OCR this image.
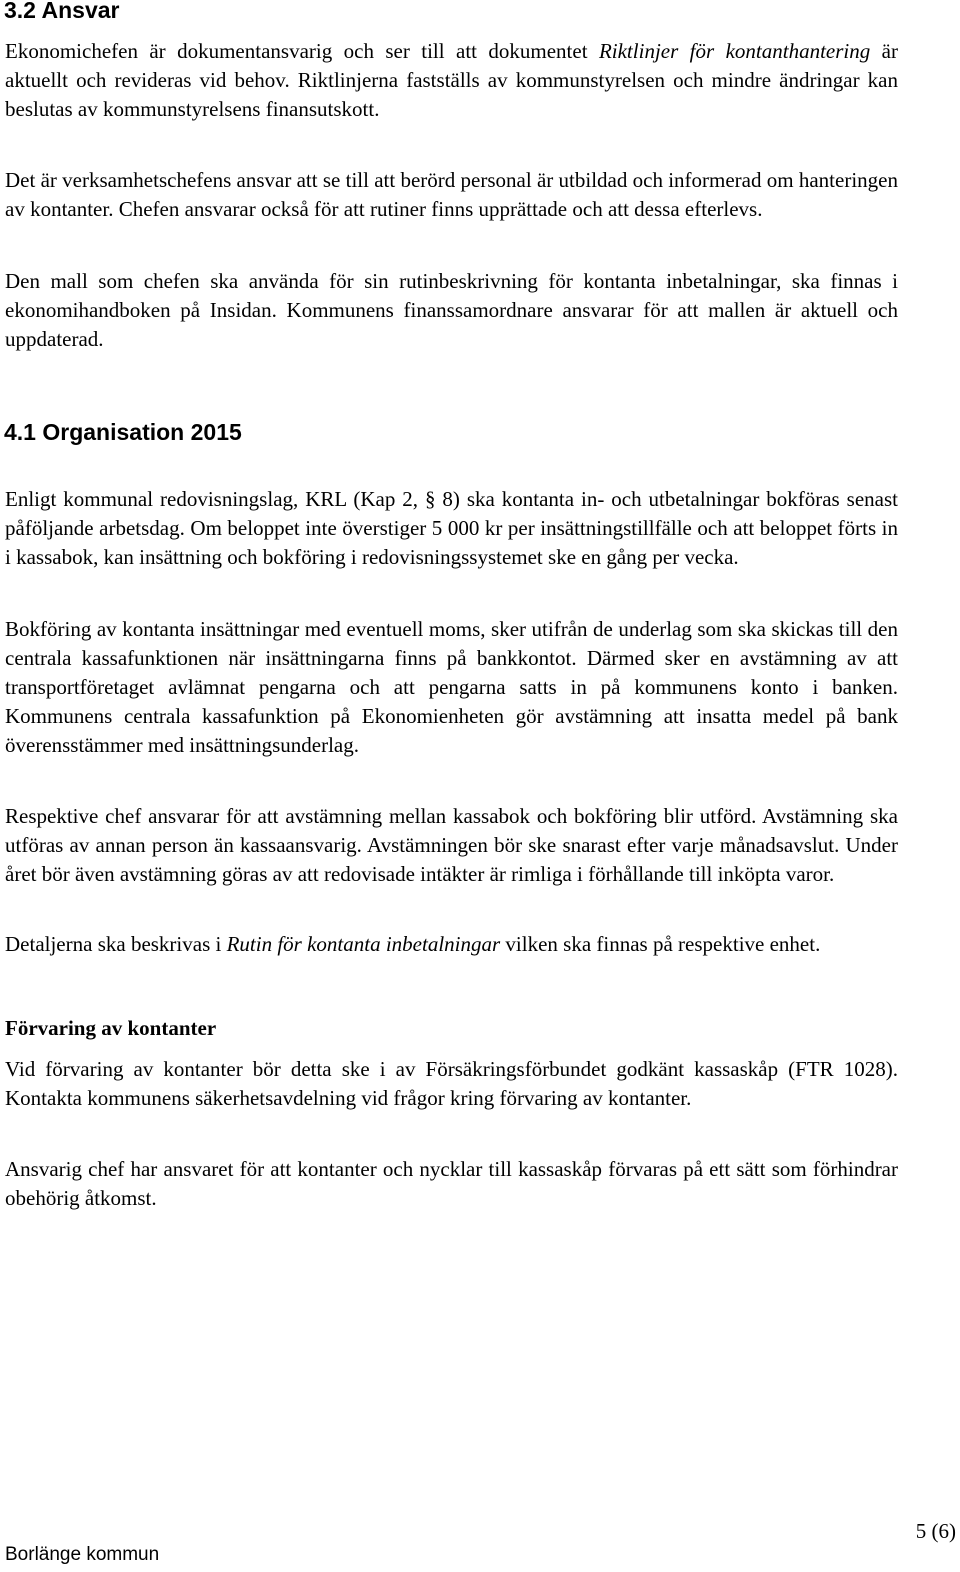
3.2 Ansvar

Ekonomichefen är dokumentansvarig och ser till att dokumentet Riktlinjer för kontanthantering är aktuellt och revideras vid behov. Riktlinjerna fastställs av kommunstyrelsen och mindre ändringar kan beslutas av kommunstyrelsens finansutskott.

Det är verksamhetschefens ansvar att se till att berörd personal är utbildad och informerad om hanteringen av kontanter. Chefen ansvarar också för att rutiner finns upprättade och att dessa efterlevs.

Den mall som chefen ska använda för sin rutinbeskrivning för kontanta inbetalningar, ska finnas i ekonomihandboken på Insidan. Kommunens finanssamordnare ansvarar för att mallen är aktuell och uppdaterad.

4.1 Organisation 2015

Enligt kommunal redovisningslag, KRL (Kap 2, § 8) ska kontanta in- och utbetalningar bokföras senast påföljande arbetsdag. Om beloppet inte överstiger 5 000 kr per insättningstillfälle och att beloppet förts in i kassabok, kan insättning och bokföring i redovisningssystemet ske en gång per vecka.

Bokföring av kontanta insättningar med eventuell moms, sker utifrån de underlag som ska skickas till den centrala kassafunktionen när insättningarna finns på bankkontot. Därmed sker en avstämning av att transportföretaget avlämnat pengarna och att pengarna satts in på kommunens konto i banken. Kommunens centrala kassafunktion på Ekonomienheten gör avstämning att insatta medel på bank överensstämmer med insättningsunderlag.

Respektive chef ansvarar för att avstämning mellan kassabok och bokföring blir utförd. Avstämning ska utföras av annan person än kassaansvarig. Avstämningen bör ske snarast efter varje månadsavslut. Under året bör även avstämning göras av att redovisade intäkter är rimliga i förhållande till inköpta varor.

Detaljerna ska beskrivas i Rutin för kontanta inbetalningar vilken ska finnas på respektive enhet.

Förvaring av kontanter

Vid förvaring av kontanter bör detta ske i av Försäkringsförbundet godkänt kassaskåp (FTR 1028). Kontakta kommunens säkerhetsavdelning vid frågor kring förvaring av kontanter.

Ansvarig chef har ansvaret för att kontanter och nycklar till kassaskåp förvaras på ett sätt som förhindrar obehörig åtkomst.

5 (6)
Borlänge kommun
